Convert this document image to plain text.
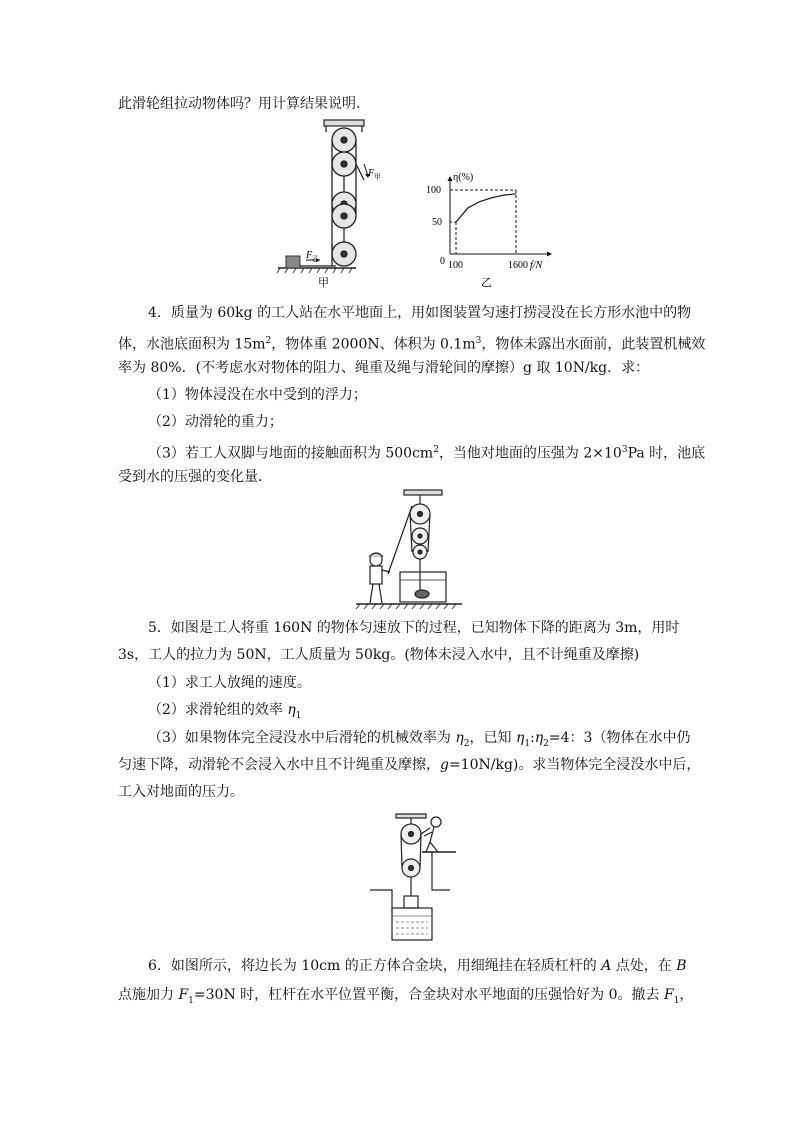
此滑轮组拉动物体吗？用计算结果说明．
F 乙
F 甲
甲
η(%)
100
50
0 100	1600 f/N
乙
4．质量为 60kg 的工人站在水平地面上，用如图装置匀速打捞浸没在长方形水池中的物
体，水池底面积为 $15m^2$，物体重 2000N、体积为 $0.1m^3$，物体未露出水面前，此装置机械效
率为 80%．(不考虑水对物体的阻力、绳重及绳与滑轮间的摩擦）g 取 10N/kg．求：
（1）物体浸没在水中受到的浮力；
（2）动滑轮的重力；
（3）若工人双脚与地面的接触面积为 $500cm^2$，当他对地面的压强为 $2\times 10^3Pa$ 时，池底
受到水的压强的变化量．
5．如图是工人将重 160N 的物体匀速放下的过程，已知物体下降的距离为 3m，用时
3s，工人的拉力为 50N，工人质量为 50kg。(物体未浸入水中，且不计绳重及摩擦)
（1）求工人放绳的速度。
（2）求滑轮组的效率 $\eta_1$
（3）如果物体完全浸没水中后滑轮的机械效率为 $\eta_2$，已知 $\eta_1:\eta_2=4$：3（物体在水中仍
匀速下降，动滑轮不会浸入水中且不计绳重及摩擦，g=10N/kg)。求当物体完全浸没水中后，
工入对地面的压力。
6．如图所示，将边长为 10cm 的正方体合金块，用细绳挂在轻质杠杆的 A 点处，在 B
点施加力 $F_1=30N$ 时，杠杆在水平位置平衡，合金块对水平地面的压强恰好为 0。撤去 $F_1$，
